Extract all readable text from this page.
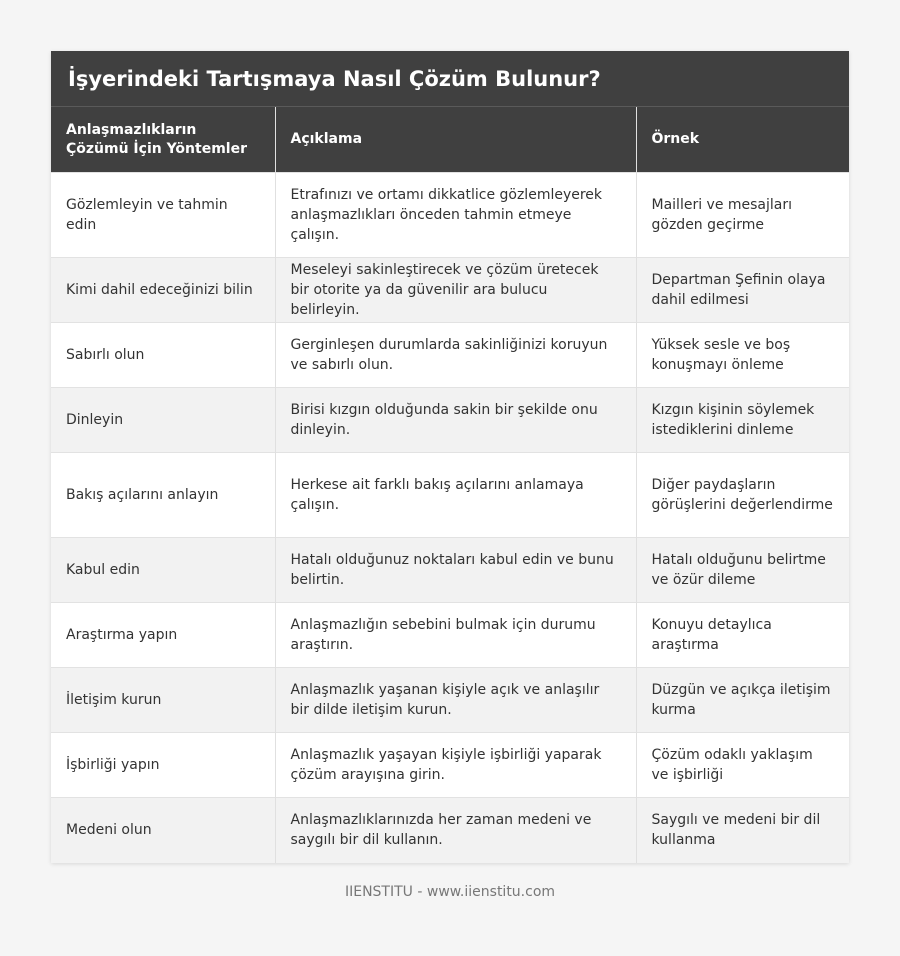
İşyerindeki Tartışmaya Nasıl Çözüm Bulunur?
Anlaşmazlıkların Çözümü İçin Yöntemler	Açıklama	Örnek
Gözlemleyin ve tahmin edin	Etrafınızı ve ortamı dikkatlice gözlemleyerek anlaşmazlıkları önceden tahmin etmeye çalışın.	Mailleri ve mesajları gözden geçirme
Kimi dahil edeceğinizi bilin	Meseleyi sakinleştirecek ve çözüm üretecek bir otorite ya da güvenilir ara bulucu belirleyin.	Departman Şefinin olaya dahil edilmesi
Sabırlı olun	Gerginleşen durumlarda sakinliğinizi koruyun ve sabırlı olun.	Yüksek sesle ve boş konuşmayı önleme
Dinleyin	Birisi kızgın olduğunda sakin bir şekilde onu dinleyin.	Kızgın kişinin söylemek istediklerini dinleme
Bakış açılarını anlayın	Herkese ait farklı bakış açılarını anlamaya çalışın.	Diğer paydaşların görüşlerini değerlendirme
Kabul edin	Hatalı olduğunuz noktaları kabul edin ve bunu belirtin.	Hatalı olduğunu belirtme ve özür dileme
Araştırma yapın	Anlaşmazlığın sebebini bulmak için durumu araştırın.	Konuyu detaylıca araştırma
İletişim kurun	Anlaşmazlık yaşanan kişiyle açık ve anlaşılır bir dilde iletişim kurun.	Düzgün ve açıkça iletişim kurma
İşbirliği yapın	Anlaşmazlık yaşayan kişiyle işbirliği yaparak çözüm arayışına girin.	Çözüm odaklı yaklaşım ve işbirliği
Medeni olun	Anlaşmazlıklarınızda her zaman medeni ve saygılı bir dil kullanın.	Saygılı ve medeni bir dil kullanma
IIENSTITU - www.iienstitu.com
